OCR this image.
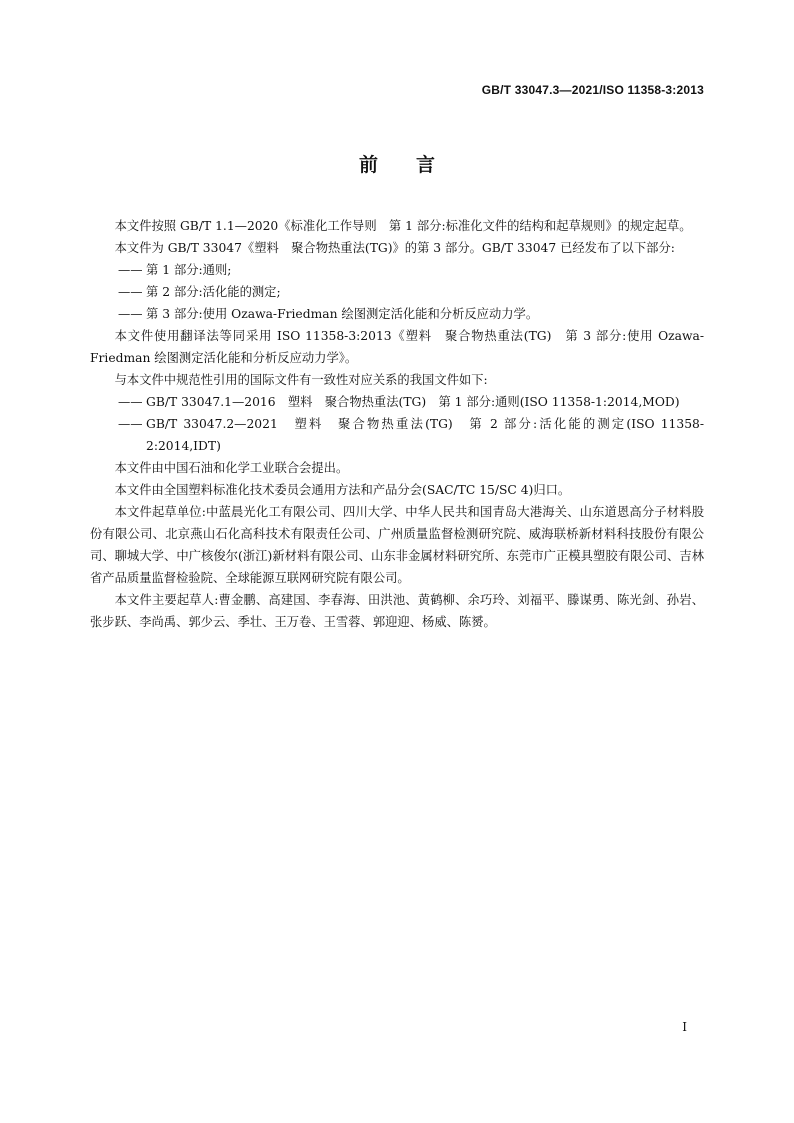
GB/T 33047.3—2021/ISO 11358-3:2013
前言

本文件按照 GB/T 1.1—2020《标准化工作导则　第 1 部分:标准化文件的结构和起草规则》的规定起草。

本文件为 GB/T 33047《塑料　聚合物热重法(TG)》的第 3 部分。GB/T 33047 已经发布了以下部分:

—— 第 1 部分:通则;

—— 第 2 部分:活化能的测定;

—— 第 3 部分:使用 Ozawa-Friedman 绘图测定活化能和分析反应动力学。

本文件使用翻译法等同采用 ISO 11358-3:2013《塑料　聚合物热重法(TG)　第 3 部分:使用 Ozawa-Friedman 绘图测定活化能和分析反应动力学》。

与本文件中规范性引用的国际文件有一致性对应关系的我国文件如下:

—— GB/T 33047.1—2016　塑料　聚合物热重法(TG)　第 1 部分:通则(ISO 11358-1:2014,MOD)

—— GB/T 33047.2—2021　塑料　聚合物热重法(TG)　第 2 部分:活化能的测定(ISO 11358-2:2014,IDT)

本文件由中国石油和化学工业联合会提出。

本文件由全国塑料标准化技术委员会通用方法和产品分会(SAC/TC 15/SC 4)归口。

本文件起草单位:中蓝晨光化工有限公司、四川大学、中华人民共和国青岛大港海关、山东道恩高分子材料股份有限公司、北京燕山石化高科技术有限责任公司、广州质量监督检测研究院、威海联桥新材料科技股份有限公司、聊城大学、中广核俊尔(浙江)新材料有限公司、山东非金属材料研究所、东莞市广正模具塑胶有限公司、吉林省产品质量监督检验院、全球能源互联网研究院有限公司。

本文件主要起草人:曹金鹏、高建国、李春海、田洪池、黄鹤柳、余巧玲、刘福平、滕谋勇、陈光剑、孙岩、张步跃、李尚禹、郭少云、季壮、王万卷、王雪蓉、郭迎迎、杨威、陈赟。

I
